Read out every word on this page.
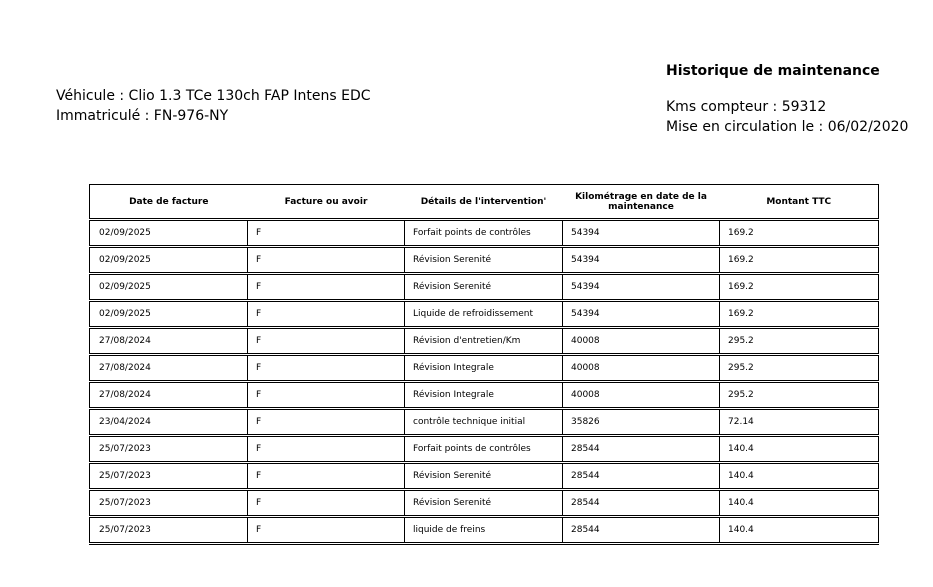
Véhicule : Clio 1.3 TCe 130ch FAP Intens EDC
Immatriculé : FN-976-NY
Historique de maintenance
Kms compteur : 59312
Mise en circulation le : 06/02/2020
Date de facture	Facture ou avoir	Détails de l'intervention'	Kilométrage en date de la maintenance	Montant TTC
02/09/2025	F	Forfait points de contrôles	54394	169.2
02/09/2025	F	Révision Serenité	54394	169.2
02/09/2025	F	Révision Serenité	54394	169.2
02/09/2025	F	Liquide de refroidissement	54394	169.2
27/08/2024	F	Révision d'entretien/Km	40008	295.2
27/08/2024	F	Révision Integrale	40008	295.2
27/08/2024	F	Révision Integrale	40008	295.2
23/04/2024	F	contrôle technique initial	35826	72.14
25/07/2023	F	Forfait points de contrôles	28544	140.4
25/07/2023	F	Révision Serenité	28544	140.4
25/07/2023	F	Révision Serenité	28544	140.4
25/07/2023	F	liquide de freins	28544	140.4
